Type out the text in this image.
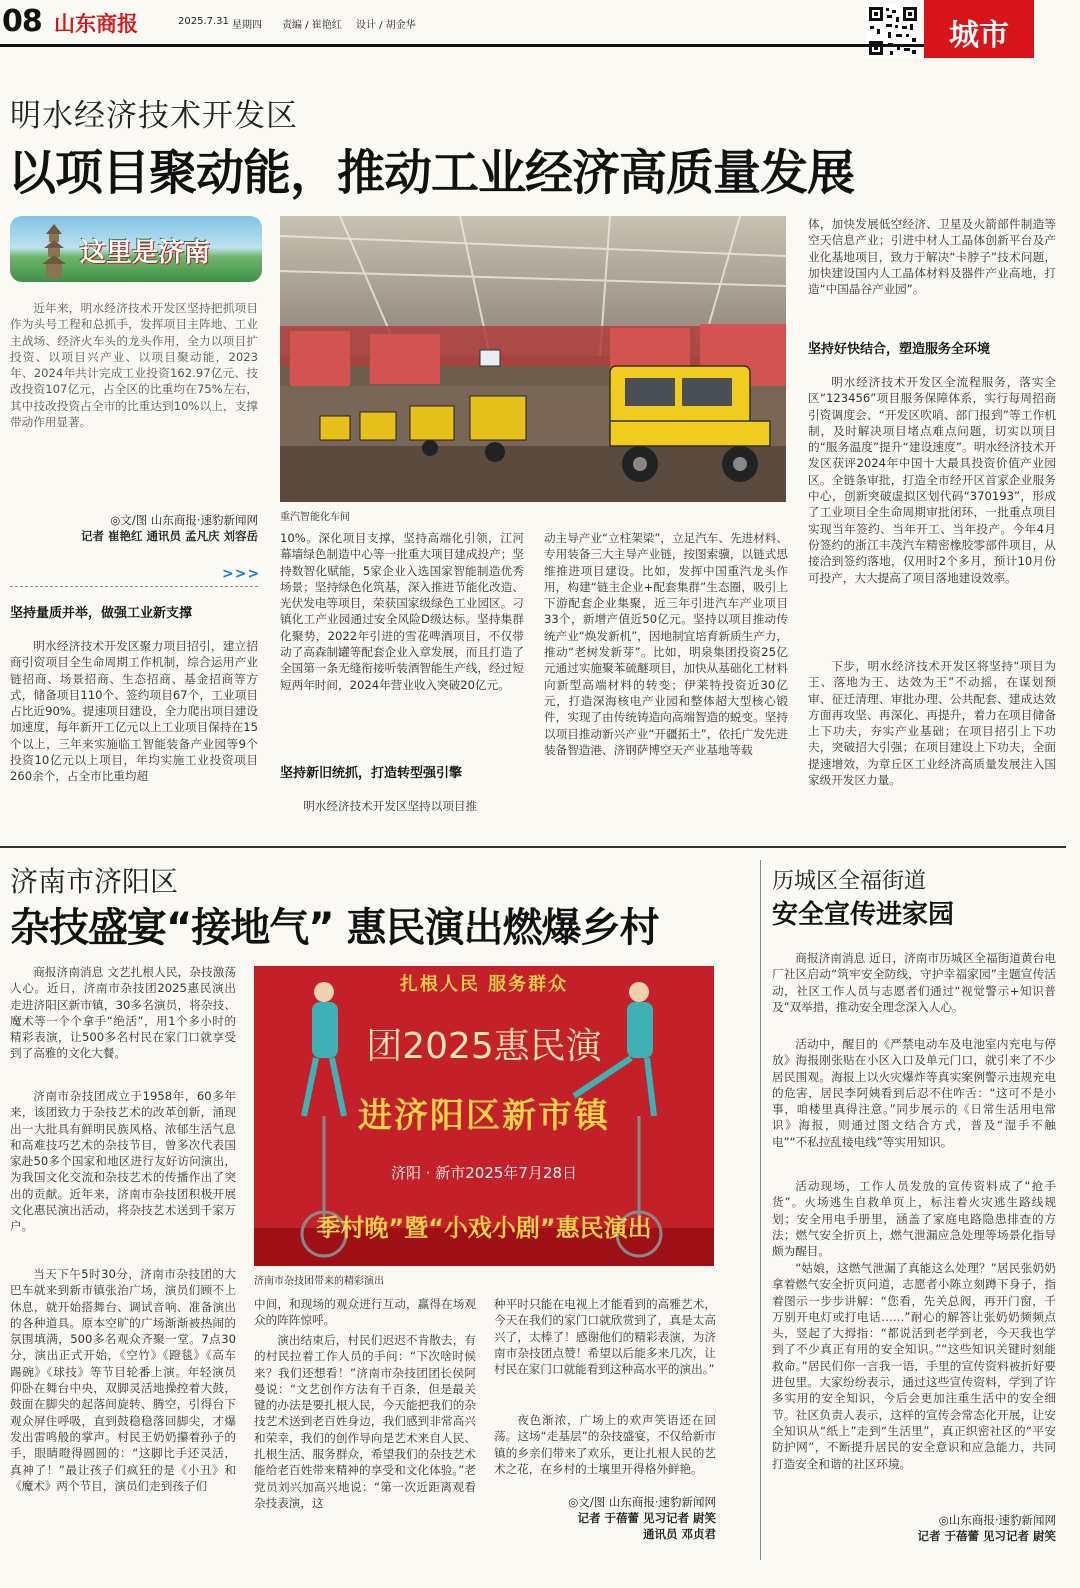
08 山东商报	2025.7.31 星期四 责编 / 崔艳红 设计 / 胡金华	城市
明水经济技术开发区
以项目聚动能，推动工业经济高质量发展
这里是济南

近年来，明水经济技术开发区坚持把抓项目作为头号工程和总抓手，发挥项目主阵地、工业主战场、经济火车头的龙头作用，全力以项目扩投资、以项目兴产业、以项目聚动能，2023年、2024年共计完成工业投资162.97亿元、技改投资107亿元，占全区的比重均在75%左右，其中技改投资占全市的比重达到10%以上，支撑带动作用显著。

◎文/图 山东商报·速豹新闻网
记者 崔艳红 通讯员 孟凡庆 刘容岳
>>>
坚持量质并举，做强工业新支撑

明水经济技术开发区聚力项目招引，建立招商引资项目全生命周期工作机制，综合运用产业链招商、场景招商、生态招商、基金招商等方式，储备项目110个、签约项目67个，工业项目占比近90%。提速项目建设，全力爬出项目建设加速度，每年新开工亿元以上工业项目保持在15个以上，三年来实施临工智能装备产业园等9个投资10亿元以上项目，年均实施工业投资项目260余个，占全市比重均超

重汽智能化车间

10%。深化项目支撑，坚持高端化引领，江河幕墙绿色制造中心等一批重大项目建成投产；坚持数智化赋能，5家企业入选国家智能制造优秀场景；坚持绿色化筑基，深入推进节能化改造、光伏发电等项目，荣获国家级绿色工业园区。刁镇化工产业园通过安全风险D级达标。坚持集群化聚势，2022年引进的雪花啤酒项目，不仅带动了高森制罐等配套企业入章发展，而且打造了全国第一条无缝衔接听装酒智能生产线，经过短短两年时间，2024年营业收入突破20亿元。

坚持新旧统抓，打造转型强引擎

明水经济技术开发区坚持以项目推

动主导产业“立柱架梁”，立足汽车、先进材料、专用装备三大主导产业链，按图索骥，以链式思维推进项目建设。比如，发挥中国重汽龙头作用，构建“链主企业+配套集群”生态圈，吸引上下游配套企业集聚，近三年引进汽车产业项目33个，新增产值近50亿元。坚持以项目推动传统产业“焕发新机”，因地制宜培育新质生产力，推动“老树发新芽”。比如，明泉集团投资25亿元通过实施聚苯硫醚项目，加快从基础化工材料向新型高端材料的转变；伊莱特投资近30亿元，打造深海核电产业园和整体超大型核心锻件，实现了由传统铸造向高端智造的蜕变。坚持以项目推动新兴产业“开疆拓土”，依托广发先进装备智造港、济钢萨博空天产业基地等载

体，加快发展低空经济、卫星及火箭部件制造等空天信息产业；引进中材人工晶体创新平台及产业化基地项目，致力于解决“卡脖子”技术问题，加快建设国内人工晶体材料及器件产业高地，打造“中国晶谷产业园”。

坚持好快结合，塑造服务全环境

明水经济技术开发区全流程服务，落实全区“123456”项目服务保障体系，实行每周招商引资调度会、“开发区吹哨、部门报到”等工作机制，及时解决项目堵点难点问题，切实以项目的“服务温度”提升“建设速度”。明水经济技术开发区获评2024年中国十大最具投资价值产业园区。全链条审批，打造全市经开区首家企业服务中心，创新突破虚拟区划代码“370193”，形成了工业项目全生命周期审批闭环，一批重点项目实现当年签约、当年开工、当年投产。今年4月份签约的浙江丰茂汽车精密橡胶零部件项目，从接洽到签约落地，仅用时2个多月，预计10月份可投产，大大提高了项目落地建设效率。

下步，明水经济技术开发区将坚持“项目为王、落地为王、达效为王”不动摇，在谋划预审、征迁清理、审批办理、公共配套、建成达效方面再攻坚、再深化、再提升，着力在项目储备上下功夫，夯实产业基础；在项目招引上下功夫，突破招大引强；在项目建设上下功夫，全面提速增效，为章丘区工业经济高质量发展注入国家级开发区力量。

济南市济阳区
杂技盛宴“接地气” 惠民演出燃爆乡村

商报济南消息 文艺扎根人民，杂技激荡人心。近日，济南市杂技团2025惠民演出走进济阳区新市镇，30多名演员，将杂技、魔术等一个个拿手“绝活”，用1个多小时的精彩表演，让500多名村民在家门口就享受到了高雅的文化大餐。

济南市杂技团成立于1958年，60多年来，该团致力于杂技艺术的改革创新，涌现出一大批具有鲜明民族风格、浓郁生活气息和高难技巧艺术的杂技节目，曾多次代表国家赴50多个国家和地区进行友好访问演出，为我国文化交流和杂技艺术的传播作出了突出的贡献。近年来，济南市杂技团积极开展文化惠民演出活动，将杂技艺术送到千家万户。

当天下午5时30分，济南市杂技团的大巴车就来到新市镇张治广场，演员们顾不上休息，就开始搭舞台、调试音响、准备演出的各种道具。原本空旷的广场渐渐被热闹的氛围填满，500多名观众齐聚一堂。7点30分，演出正式开始，《空竹》《蹬毯》《高车踢碗》《球技》等节目轮番上演。年轻演员仰卧在舞台中央，双脚灵活地操控着大鼓，鼓面在脚尖的起落间旋转、腾空，引得台下观众屏住呼吸，直到鼓稳稳落回脚尖，才爆发出雷鸣般的掌声。村民王奶奶攥着孙子的手，眼睛瞪得圆圆的：“这脚比手还灵活，真神了！”最让孩子们疯狂的是《小丑》和《魔术》两个节目，演员们走到孩子们

扎根人民 服务群众
团2025惠民演
进济阳区新市镇
济阳 · 新市2025年7月28日
季村晚”暨“小戏小剧”惠民演出
济南市杂技团带来的精彩演出

中间，和现场的观众进行互动，赢得在场观众的阵阵惊呼。

演出结束后，村民们迟迟不肯散去，有的村民拉着工作人员的手问：“下次啥时候来？我们还想看！”济南市杂技团团长侯阿曼说：“文艺创作方法有千百条，但是最关键的办法是要扎根人民，今天能把我们的杂技艺术送到老百姓身边，我们感到非常高兴和荣幸，我们的创作导向是艺术来自人民、扎根生活、服务群众，希望我们的杂技艺术能给老百姓带来精神的享受和文化体验。”老党员刘兴加高兴地说：“第一次近距离观看杂技表演，这

种平时只能在电视上才能看到的高雅艺术，今天在我们的家门口就欣赏到了，真是太高兴了，太棒了！感谢他们的精彩表演，为济南市杂技团点赞！希望以后能多来几次，让村民在家门口就能看到这种高水平的演出。”

夜色渐浓，广场上的欢声笑语还在回荡。这场“走基层”的杂技盛宴，不仅给新市镇的乡亲们带来了欢乐，更让扎根人民的艺术之花，在乡村的土壤里开得格外鲜艳。

◎文/图 山东商报·速豹新闻网
记者 于蓓蕾 见习记者 尉笑
通讯员 邓贞君
历城区全福街道
安全宣传进家园

商报济南消息 近日，济南市历城区全福街道黄台电厂社区启动“筑牢安全防线，守护幸福家园”主题宣传活动，社区工作人员与志愿者们通过“视觉警示+知识普及”双举措，推动安全理念深入人心。

活动中，醒目的《严禁电动车及电池室内充电与停放》海报刚张贴在小区入口及单元门口，就引来了不少居民围观。海报上以火灾爆炸等真实案例警示违规充电的危害，居民李阿姨看到后忍不住咋舌：“这可不是小事，咱楼里真得注意。”同步展示的《日常生活用电常识》海报，则通过图文结合方式，普及“湿手不触电”“不私拉乱接电线”等实用知识。

活动现场，工作人员发放的宣传资料成了“抢手货”。火场逃生自救单页上，标注着火灾逃生路线规划；安全用电手册里，涵盖了家庭电路隐患排查的方法；燃气安全折页上，燃气泄漏应急处理等场景化指导颇为醒目。

“姑娘，这燃气泄漏了真能这么处理？”居民张奶奶拿着燃气安全折页问道，志愿者小陈立刻蹲下身子，指着图示一步步讲解：“您看，先关总阀，再开门窗，千万别开电灯或打电话……”耐心的解答让张奶奶频频点头，竖起了大拇指：“都说活到老学到老，今天我也学到了不少真正有用的安全知识。”“这些知识关键时刻能救命。”居民们你一言我一语，手里的宣传资料被折好要进包里。大家纷纷表示，通过这些宣传资料，学到了许多实用的安全知识，今后会更加注重生活中的安全细节。社区负责人表示，这样的宣传会常态化开展，让安全知识从“纸上”走到“生活里”，真正织密社区的“平安防护网”，不断提升居民的安全意识和应急能力，共同打造安全和谐的社区环境。

◎山东商报·速豹新闻网
记者 于蓓蕾 见习记者 尉笑
